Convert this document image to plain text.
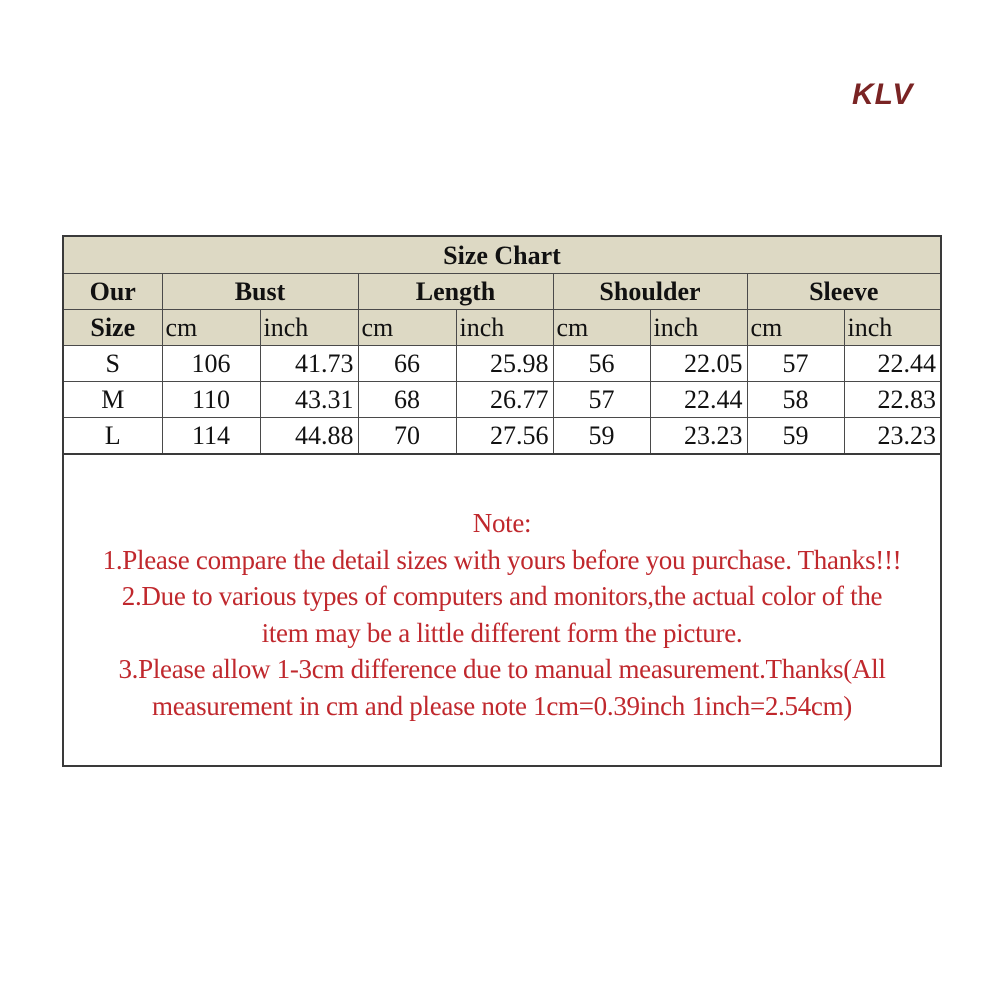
KLV
Size Chart								
Our	Bust		Length		Shoulder		Sleeve	
Size	cm	inch	cm	inch	cm	inch	cm	inch
S	106	41.73	66	25.98	56	22.05	57	22.44
M	110	43.31	68	26.77	57	22.44	58	22.83
L	114	44.88	70	27.56	59	23.23	59	23.23
Note:
1.Please compare the detail sizes with yours before you purchase. Thanks!!!
2.Due to various types of computers and monitors,the actual color of the
item may be a little different form the picture.
3.Please allow 1-3cm difference due to manual measurement.Thanks(All
measurement in cm and please note 1cm=0.39inch 1inch=2.54cm)
